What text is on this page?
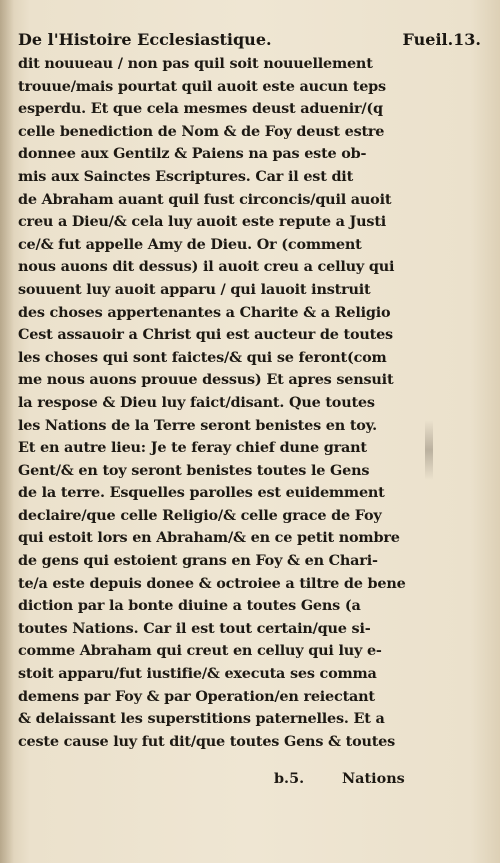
De l'Histoire Ecclesiastique.	Fueil.13.
dit nouueau / non pas quil soit nouuellement
trouue/mais pourtat quil auoit este aucun teps
esperdu. Et que cela mesmes deust aduenir/(q
celle benediction de Nom & de Foy deust estre
donnee aux Gentilz & Paiens na pas este ob-
mis aux Sainctes Escriptures. Car il est dit
de Abraham auant quil fust circoncis/quil auoit
creu a Dieu/& cela luy auoit este repute a Justi
ce/& fut appelle Amy de Dieu. Or (comment
nous auons dit dessus) il auoit creu a celluy qui
souuent luy auoit apparu / qui lauoit instruit
des choses appertenantes a Charite & a Religio
Cest assauoir a Christ qui est aucteur de toutes
les choses qui sont faictes/& qui se feront(com
me nous auons prouue dessus) Et apres sensuit
la respose & Dieu luy faict/disant. Que toutes
les Nations de la Terre seront benistes en toy.
Et en autre lieu: Je te feray chief dune grant
Gent/& en toy seront benistes toutes le Gens
de la terre. Esquelles parolles est euidemment
declaire/que celle Religio/& celle grace de Foy
qui estoit lors en Abraham/& en ce petit nombre
de gens qui estoient grans en Foy & en Chari-
te/a este depuis donee & octroiee a tiltre de bene
diction par la bonte diuine a toutes Gens (a
toutes Nations. Car il est tout certain/que si-
comme Abraham qui creut en celluy qui luy e-
stoit apparu/fut iustifie/& executa ses comma
demens par Foy & par Operation/en reiectant
& delaissant les superstitions paternelles. Et a
ceste cause luy fut dit/que toutes Gens & toutes
b.5.	Nations
